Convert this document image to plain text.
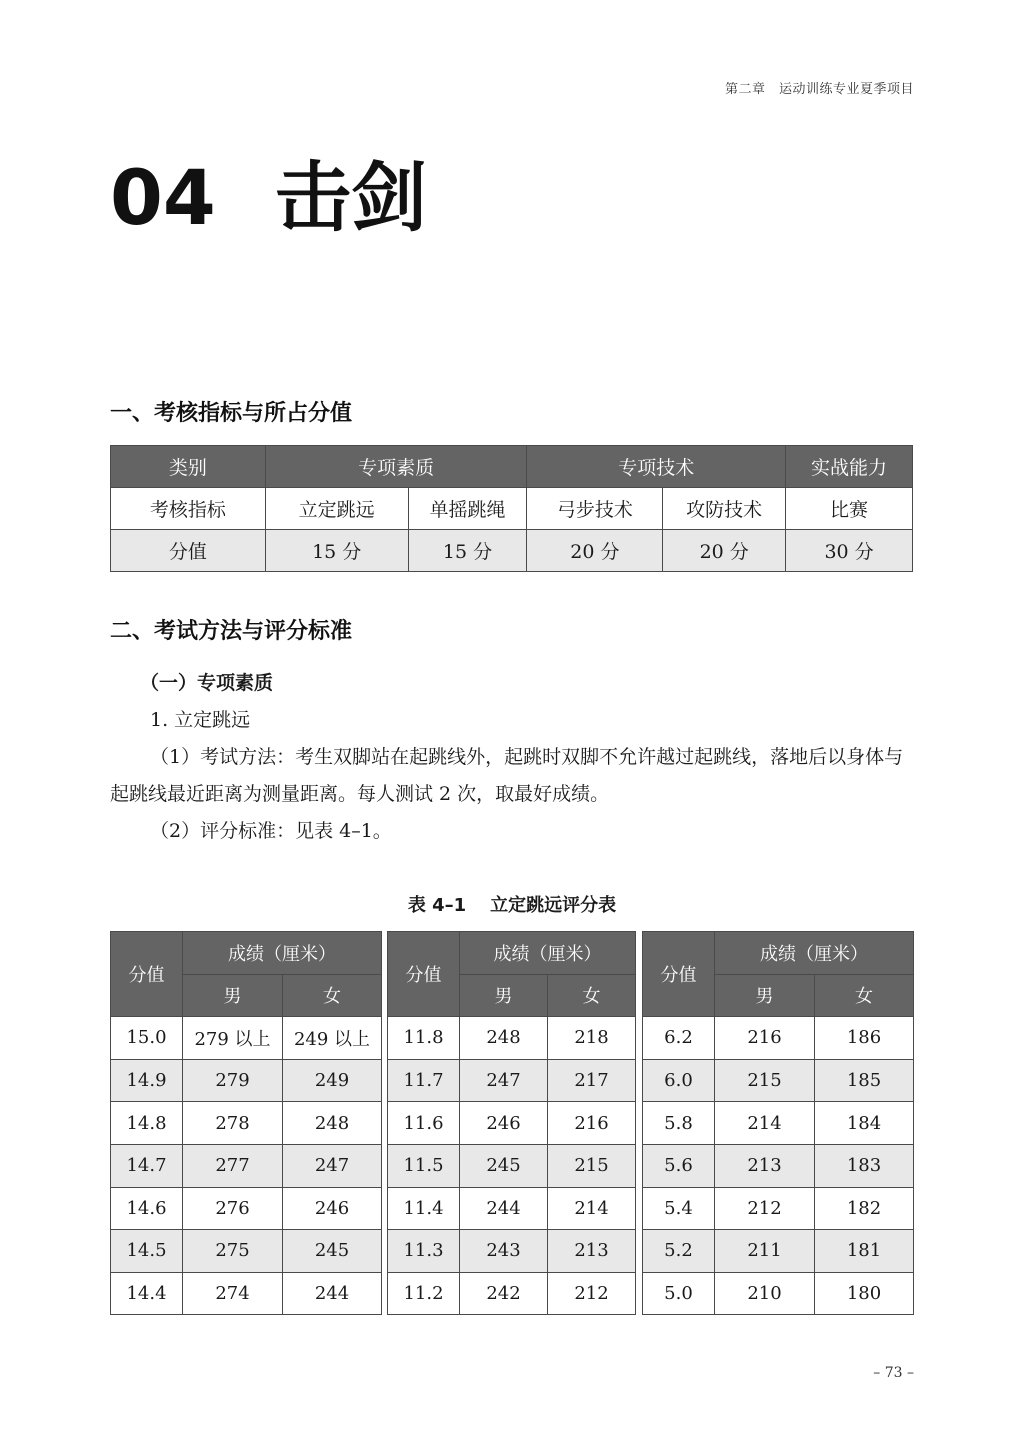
第二章　运动训练专业夏季项目
04 击剑
一、考核指标与所占分值
类别	专项素质		专项技术		实战能力
考核指标	立定跳远	单摇跳绳	弓步技术	攻防技术	比赛
分值	15 分	15 分	20 分	20 分	30 分
二、考试方法与评分标准
（一）专项素质

1. 立定跳远

（1）考试方法：考生双脚站在起跳线外，起跳时双脚不允许越过起跳线，落地后以身体与起跳线最近距离为测量距离。每人测试 2 次，取最好成绩。

（2）评分标准：见表 4–1。

表 4–1 立定跳远评分表
分值	成绩（厘米）	
	男	女
15.0	279 以上	249 以上
14.9	279	249
14.8	278	248
14.7	277	247
14.6	276	246
14.5	275	245
14.4	274	244
分值	成绩（厘米）	
	男	女
11.8	248	218
11.7	247	217
11.6	246	216
11.5	245	215
11.4	244	214
11.3	243	213
11.2	242	212
分值	成绩（厘米）	
	男	女
6.2	216	186
6.0	215	185
5.8	214	184
5.6	213	183
5.4	212	182
5.2	211	181
5.0	210	180
– 73 –
